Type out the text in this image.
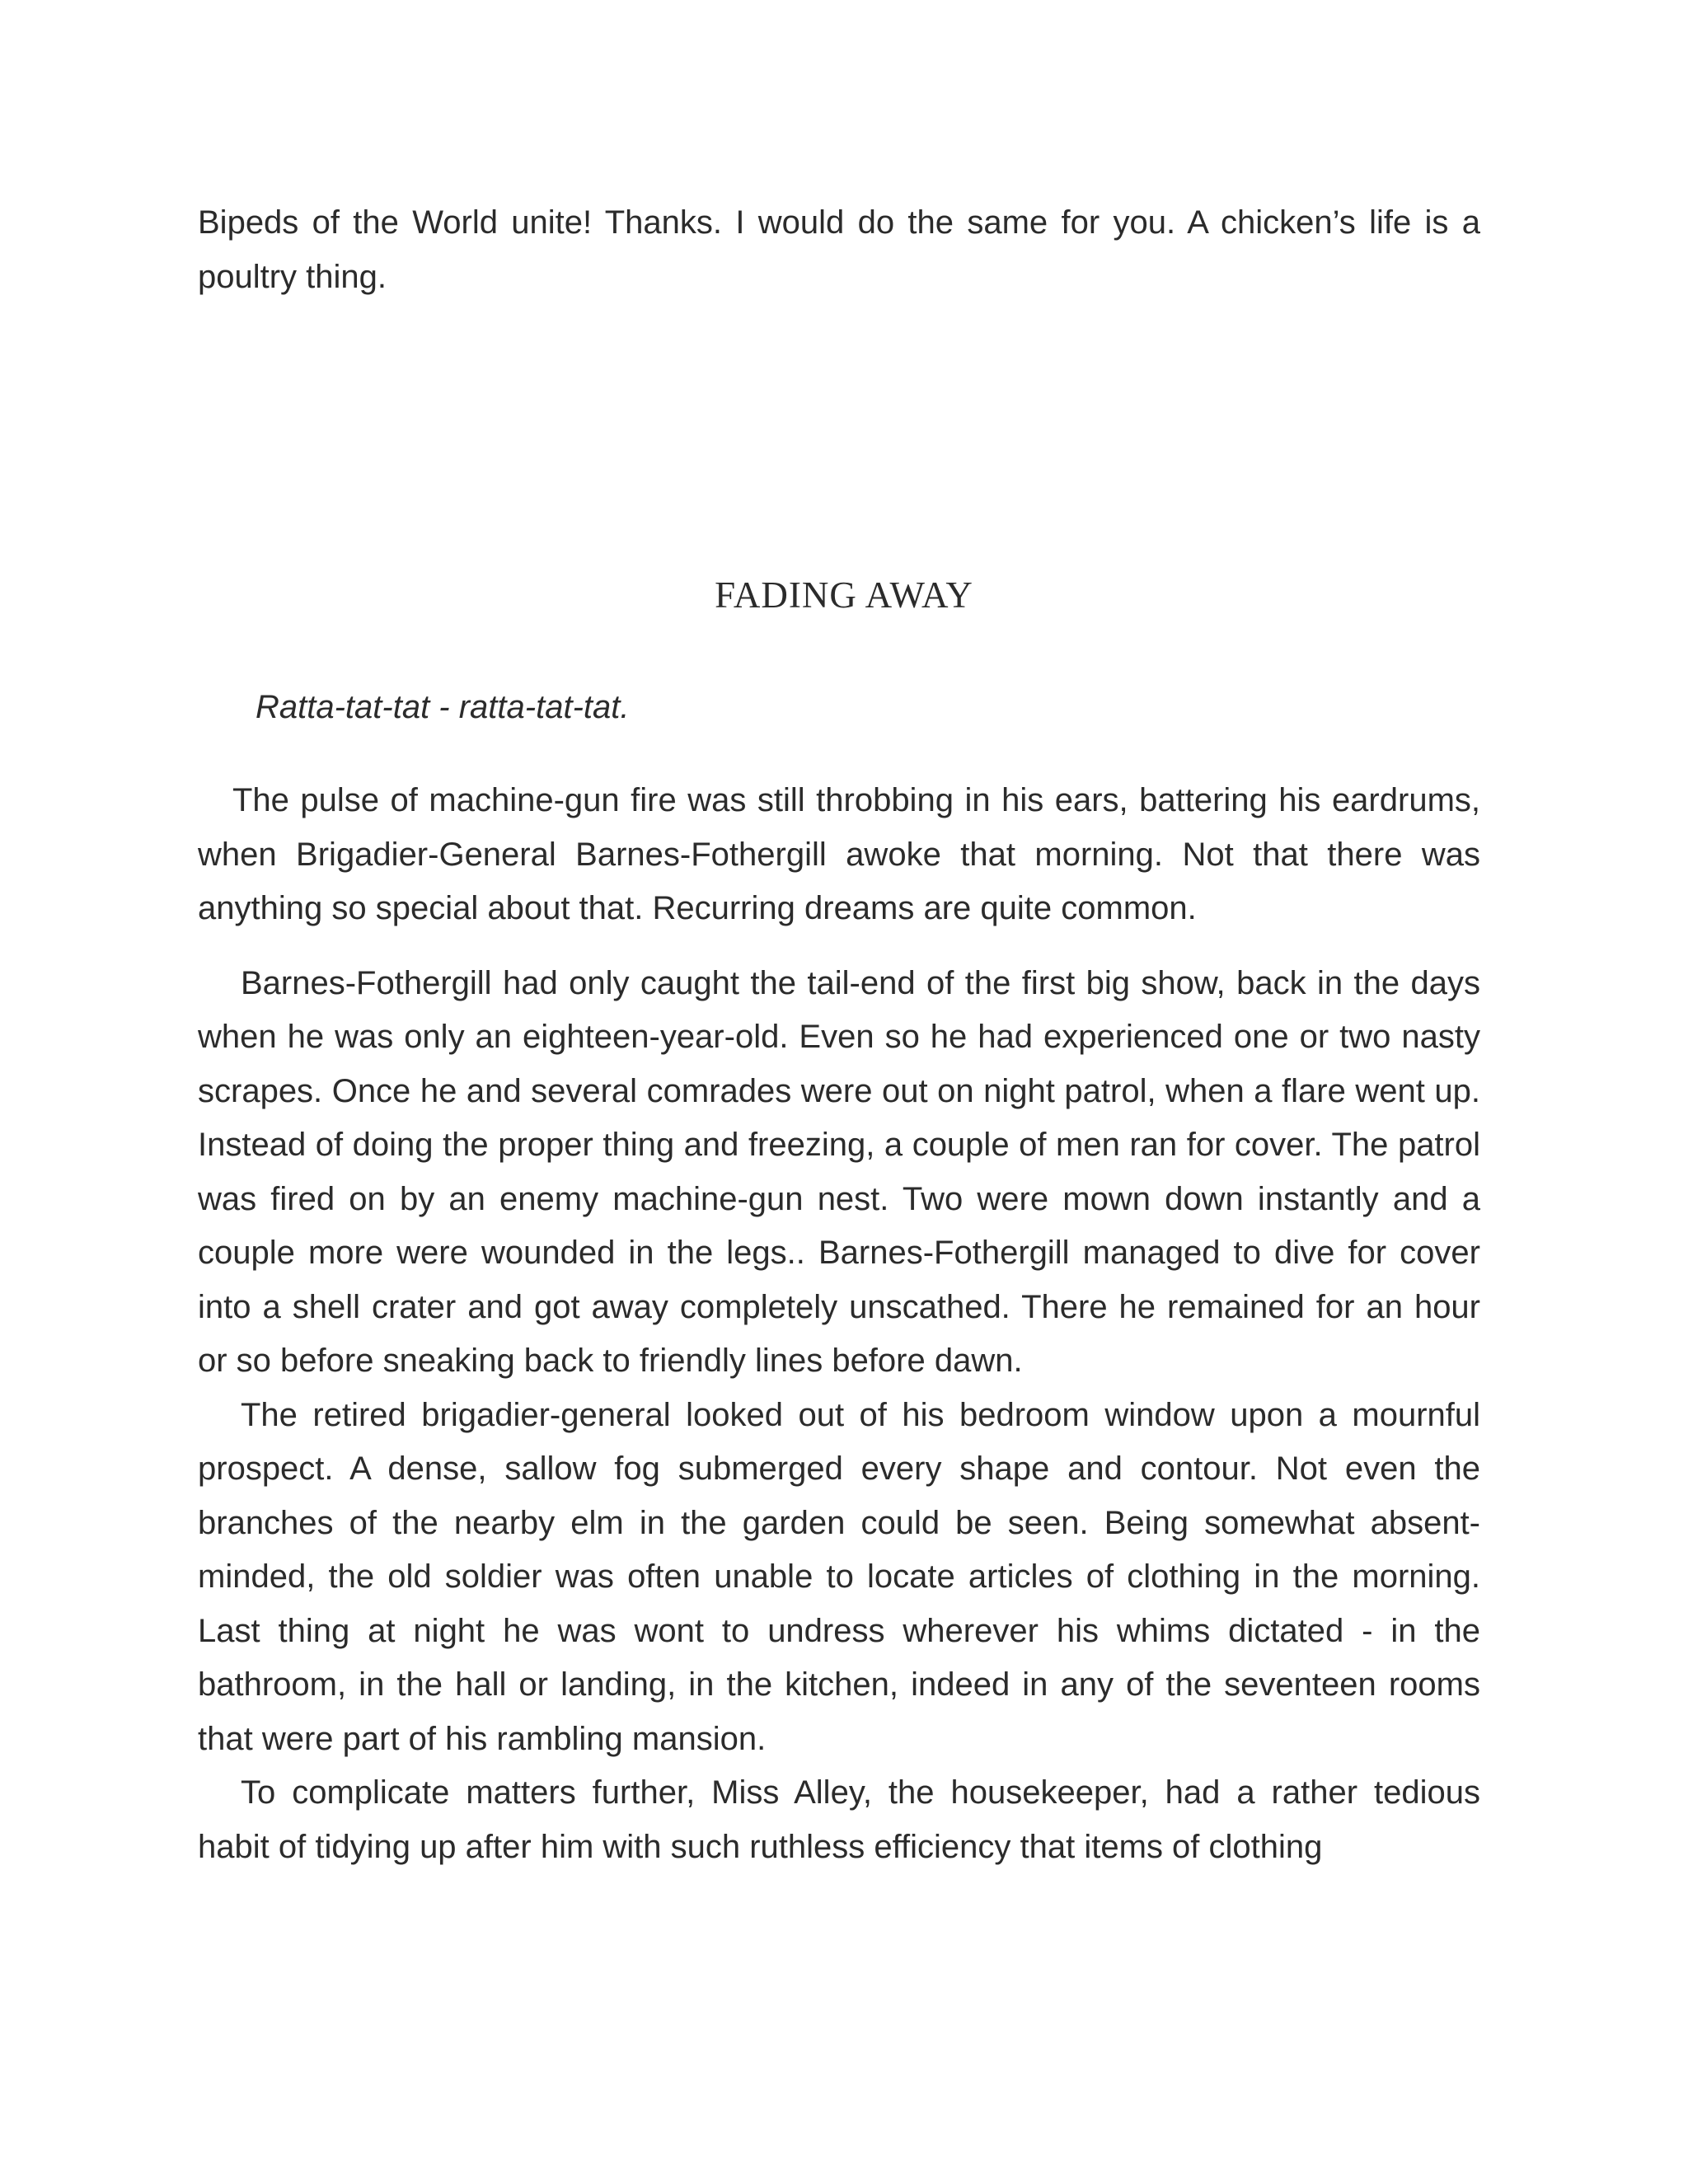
Bipeds of the World unite! Thanks. I would do the same for you. A chicken’s life is a poultry thing.

FADING AWAY

Ratta-tat-tat - ratta-tat-tat.

The pulse of machine-gun fire was still throbbing in his ears, battering his eardrums, when Brigadier-General Barnes-Fothergill awoke that morning. Not that there was anything so special about that. Recurring dreams are quite common.

Barnes-Fothergill had only caught the tail-end of the first big show, back in the days when he was only an eighteen-year-old. Even so he had experienced one or two nasty scrapes. Once he and several comrades were out on night patrol, when a flare went up. Instead of doing the proper thing and freezing, a couple of men ran for cover. The patrol was fired on by an enemy machine-gun nest. Two were mown down instantly and a couple more were wounded in the legs.. Barnes-Fothergill managed to dive for cover into a shell crater and got away completely unscathed. There he remained for an hour or so before sneaking back to friendly lines before dawn.

The retired brigadier-general looked out of his bedroom window upon a mournful prospect. A dense, sallow fog submerged every shape and contour. Not even the branches of the nearby elm in the garden could be seen. Being somewhat absent-minded, the old soldier was often unable to locate articles of clothing in the morning. Last thing at night he was wont to undress wherever his whims dictated - in the bathroom, in the hall or landing, in the kitchen, indeed in any of the seventeen rooms that were part of his rambling mansion.

To complicate matters further, Miss Alley, the housekeeper, had a rather tedious habit of tidying up after him with such ruthless efficiency that items of clothing
